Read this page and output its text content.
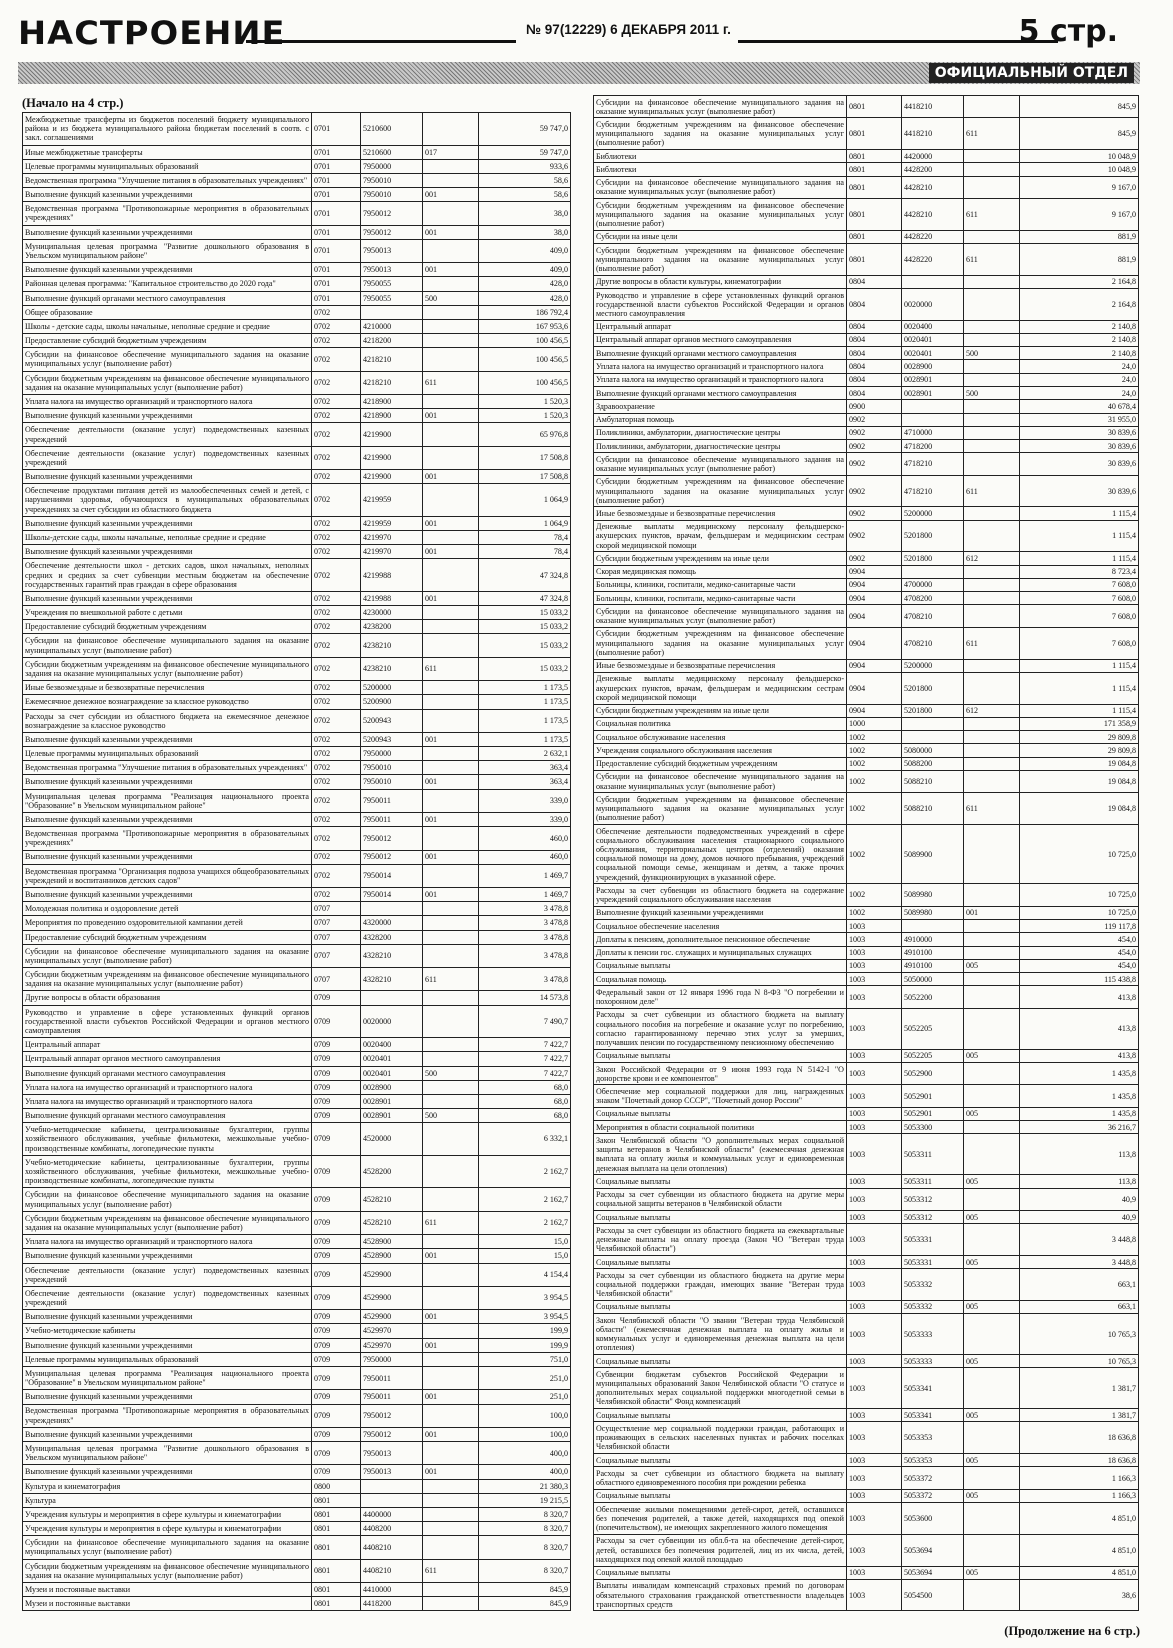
НАСТРОЕНИЕ	№ 97(12229) 6 ДЕКАБРЯ 2011 г.	5 стр.
ОФИЦИАЛЬНЫЙ ОТДЕЛ
(Начало на 4 стр.)
Межбюджетные трансферты из бюджетов поселений бюджету муниципального района и из бюджета муниципального района бюджетам поселений в соотв. с закл. соглашениями	0701	5210600		59 747,0
Иные межбюджетные трансферты	0701	5210600	017	59 747,0
Целевые программы муниципальных образований	0701	7950000		933,6
Ведомственная программа "Улучшение питания в образовательных учреждениях"	0701	7950010		58,6
Выполнение функций казенными учреждениями	0701	7950010	001	58,6
Ведомственная программа "Противопожарные мероприятия в образовательных учреждениях"	0701	7950012		38,0
Выполнение функций казенными учреждениями	0701	7950012	001	38,0
Муниципальная целевая программа "Развитие дошкольного образования в Увельском муниципальном районе"	0701	7950013		409,0
Выполнение функций казенными учреждениями	0701	7950013	001	409,0
Районная целевая программа: "Капитальное строительство до 2020 года"	0701	7950055		428,0
Выполнение функций органами местного самоуправления	0701	7950055	500	428,0
Общее образование	0702			186 792,4
Школы - детские сады, школы начальные, неполные средние и средние	0702	4210000		167 953,6
Предоставление субсидий бюджетным учреждениям	0702	4218200		100 456,5
Субсидии на финансовое обеспечение муниципального задания на оказание муниципальных услуг (выполнение работ)	0702	4218210		100 456,5
Субсидии бюджетным учреждениям на финансовое обеспечение муниципального задания на оказание муниципальных услуг (выполнение работ)	0702	4218210	611	100 456,5
Уплата налога на имущество организаций и транспортного налога	0702	4218900		1 520,3
Выполнение функций казенными учреждениями	0702	4218900	001	1 520,3
Обеспечение деятельности (оказание услуг) подведомственных казенных учреждений	0702	4219900		65 976,8
Обеспечение деятельности (оказание услуг) подведомственных казенных учреждений	0702	4219900		17 508,8
Выполнение функций казенными учреждениями	0702	4219900	001	17 508,8
Обеспечение продуктами питания детей из малообеспеченных семей и детей, с нарушениями здоровья, обучающихся в муниципальных образовательных учреждениях за счет субсидии из областного бюджета	0702	4219959		1 064,9
Выполнение функций казенными учреждениями	0702	4219959	001	1 064,9
Школы-детские сады, школы начальные, неполные средние и средние	0702	4219970		78,4
Выполнение функций казенными учреждениями	0702	4219970	001	78,4
Обеспечение деятельности школ - детских садов, школ начальных, неполных средних и средних за счет субвенции местным бюджетам на обеспечение государственных гарантий прав граждан в сфере образования	0702	4219988		47 324,8
Выполнение функций казенными учреждениями	0702	4219988	001	47 324,8
Учреждения по внешкольной работе с детьми	0702	4230000		15 033,2
Предоставление субсидий бюджетным учреждениям	0702	4238200		15 033,2
Субсидии на финансовое обеспечение муниципального задания на оказание муниципальных услуг (выполнение работ)	0702	4238210		15 033,2
Субсидии бюджетным учреждениям на финансовое обеспечение муниципального задания на оказание муниципальных услуг (выполнение работ)	0702	4238210	611	15 033,2
Иные безвозмездные и безвозвратные перечисления	0702	5200000		1 173,5
Ежемесячное денежное вознаграждение за классное руководство	0702	5200900		1 173,5
Расходы за счет субсидии из областного бюджета на ежемесячное денежное вознаграждение за классное руководство	0702	5200943		1 173,5
Выполнение функций казенными учреждениями	0702	5200943	001	1 173,5
Целевые программы муниципальных образований	0702	7950000		2 632,1
Ведомственная программа "Улучшение питания в образовательных учреждениях"	0702	7950010		363,4
Выполнение функций казенными учреждениями	0702	7950010	001	363,4
Муниципальная целевая программа "Реализация национального проекта "Образование" в Увельском муниципальном районе"	0702	7950011		339,0
Выполнение функций казенными учреждениями	0702	7950011	001	339,0
Ведомственная программа "Противопожарные мероприятия в образовательных учреждениях"	0702	7950012		460,0
Выполнение функций казенными учреждениями	0702	7950012	001	460,0
Ведомственная программа "Организация подвоза учащихся общеобразовательных учреждений и воспитанников детских садов"	0702	7950014		1 469,7
Выполнение функций казенными учреждениями	0702	7950014	001	1 469,7
Молодежная политика и оздоровление детей	0707			3 478,8
Мероприятия по проведению оздоровительной кампании детей	0707	4320000		3 478,8
Предоставление субсидий бюджетным учреждениям	0707	4328200		3 478,8
Субсидии на финансовое обеспечение муниципального задания на оказание муниципальных услуг (выполнение работ)	0707	4328210		3 478,8
Субсидии бюджетным учреждениям на финансовое обеспечение муниципального задания на оказание муниципальных услуг (выполнение работ)	0707	4328210	611	3 478,8
Другие вопросы в области образования	0709			14 573,8
Руководство и управление в сфере установленных функций органов государственной власти субъектов Российской Федерации и органов местного самоуправления	0709	0020000		7 490,7
Центральный аппарат	0709	0020400		7 422,7
Центральный аппарат органов местного самоуправления	0709	0020401		7 422,7
Выполнение функций органами местного самоуправления	0709	0020401	500	7 422,7
Уплата налога на имущество организаций и транспортного налога	0709	0028900		68,0
Уплата налога на имущество организаций и транспортного налога	0709	0028901		68,0
Выполнение функций органами местного самоуправления	0709	0028901	500	68,0
Учебно-методические кабинеты, централизованные бухгалтерии, группы хозяйственного обслуживания, учебные фильмотеки, межшкольные учебно-производственные комбинаты, логопедические пункты	0709	4520000		6 332,1
Учебно-методические кабинеты, централизованные бухгалтерии, группы хозяйственного обслуживания, учебные фильмотеки, межшкольные учебно-производственные комбинаты, логопедические пункты	0709	4528200		2 162,7
Субсидии на финансовое обеспечение муниципального задания на оказание муниципальных услуг (выполнение работ)	0709	4528210		2 162,7
Субсидии бюджетным учреждениям на финансовое обеспечение муниципального задания на оказание муниципальных услуг (выполнение работ)	0709	4528210	611	2 162,7
Уплата налога на имущество организаций и транспортного налога	0709	4528900		15,0
Выполнение функций казенными учреждениями	0709	4528900	001	15,0
Обеспечение деятельности (оказание услуг) подведомственных казенных учреждений	0709	4529900		4 154,4
Обеспечение деятельности (оказание услуг) подведомственных казенных учреждений	0709	4529900		3 954,5
Выполнение функций казенными учреждениями	0709	4529900	001	3 954,5
Учебно-методические кабинеты	0709	4529970		199,9
Выполнение функций казенными учреждениями	0709	4529970	001	199,9
Целевые программы муниципальных образований	0709	7950000		751,0
Муниципальная целевая программа "Реализация национального проекта "Образование" в Увельском муниципальном районе"	0709	7950011		251,0
Выполнение функций казенными учреждениями	0709	7950011	001	251,0
Ведомственная программа "Противопожарные мероприятия в образовательных учреждениях"	0709	7950012		100,0
Выполнение функций казенными учреждениями	0709	7950012	001	100,0
Муниципальная целевая программа "Развитие дошкольного образования в Увельском муниципальном районе"	0709	7950013		400,0
Выполнение функций казенными учреждениями	0709	7950013	001	400,0
Культура и кинематография	0800			21 380,3
Культура	0801			19 215,5
Учреждения культуры и мероприятия в сфере культуры и кинематографии	0801	4400000		8 320,7
Учреждения культуры и мероприятия в сфере культуры и кинематографии	0801	4408200		8 320,7
Субсидии на финансовое обеспечение муниципального задания на оказание муниципальных услуг (выполнение работ)	0801	4408210		8 320,7
Субсидии бюджетным учреждениям на финансовое обеспечение муниципального задания на оказание муниципальных услуг (выполнение работ)	0801	4408210	611	8 320,7
Музеи и постоянные выставки	0801	4410000		845,9
Музеи и постоянные выставки	0801	4418200		845,9
Субсидии на финансовое обеспечение муниципального задания на оказание муниципальных услуг (выполнение работ)	0801	4418210		845,9
Субсидии бюджетным учреждениям на финансовое обеспечение муниципального задания на оказание муниципальных услуг (выполнение работ)	0801	4418210	611	845,9
Библиотеки	0801	4420000		10 048,9
Библиотеки	0801	4428200		10 048,9
Субсидии на финансовое обеспечение муниципального задания на оказание муниципальных услуг (выполнение работ)	0801	4428210		9 167,0
Субсидии бюджетным учреждениям на финансовое обеспечение муниципального задания на оказание муниципальных услуг (выполнение работ)	0801	4428210	611	9 167,0
Субсидии на иные цели	0801	4428220		881,9
Субсидии бюджетным учреждениям на финансовое обеспечение муниципального задания на оказание муниципальных услуг (выполнение работ)	0801	4428220	611	881,9
Другие вопросы в области культуры, кинематографии	0804			2 164,8
Руководство и управление в сфере установленных функций органов государственной власти субъектов Российской Федерации и органов местного самоуправления	0804	0020000		2 164,8
Центральный аппарат	0804	0020400		2 140,8
Центральный аппарат органов местного самоуправления	0804	0020401		2 140,8
Выполнение функций органами местного самоуправления	0804	0020401	500	2 140,8
Уплата налога на имущество организаций и транспортного налога	0804	0028900		24,0
Уплата налога на имущество организаций и транспортного налога	0804	0028901		24,0
Выполнение функций органами местного самоуправления	0804	0028901	500	24,0
Здравоохранение	0900			40 678,4
Амбулаторная помощь	0902			31 955,0
Поликлиники, амбулатории, диагностические центры	0902	4710000		30 839,6
Поликлиники, амбулатории, диагностические центры	0902	4718200		30 839,6
Субсидии на финансовое обеспечение муниципального задания на оказание муниципальных услуг (выполнение работ)	0902	4718210		30 839,6
Субсидии бюджетным учреждениям на финансовое обеспечение муниципального задания на оказание муниципальных услуг (выполнение работ)	0902	4718210	611	30 839,6
Иные безвозмездные и безвозвратные перечисления	0902	5200000		1 115,4
Денежные выплаты медицинскому персоналу фельдшерско-акушерских пунктов, врачам, фельдшерам и медицинским сестрам скорой медицинской помощи	0902	5201800		1 115,4
Субсидии бюджетным учреждениям на иные цели	0902	5201800	612	1 115,4
Скорая медицинская помощь	0904			8 723,4
Больницы, клиники, госпитали, медико-санитарные части	0904	4700000		7 608,0
Больницы, клиники, госпитали, медико-санитарные части	0904	4708200		7 608,0
Субсидии на финансовое обеспечение муниципального задания на оказание муниципальных услуг (выполнение работ)	0904	4708210		7 608,0
Субсидии бюджетным учреждениям на финансовое обеспечение муниципального задания на оказание муниципальных услуг (выполнение работ)	0904	4708210	611	7 608,0
Иные безвозмездные и безвозвратные перечисления	0904	5200000		1 115,4
Денежные выплаты медицинскому персоналу фельдшерско-акушерских пунктов, врачам, фельдшерам и медицинским сестрам скорой медицинской помощи	0904	5201800		1 115,4
Субсидии бюджетным учреждениям на иные цели	0904	5201800	612	1 115,4
Социальная политика	1000			171 358,9
Социальное обслуживание населения	1002			29 809,8
Учреждения социального обслуживания населения	1002	5080000		29 809,8
Предоставление субсидий бюджетным учреждениям	1002	5088200		19 084,8
Субсидии на финансовое обеспечение муниципального задания на оказание муниципальных услуг (выполнение работ)	1002	5088210		19 084,8
Субсидии бюджетным учреждениям на финансовое обеспечение муниципального задания на оказание муниципальных услуг (выполнение работ)	1002	5088210	611	19 084,8
Обеспечение деятельности подведомственных учреждений в сфере социального обслуживания населения стационарного социального обслуживания, территориальных центров (отделений) оказания социальной помощи на дому, домов ночного пребывания, учреждений социальной помощи семье, женщинам и детям, а также прочих учреждений, функционирующих в указанной сфере.	1002	5089900		10 725,0
Расходы за счет субвенции из областного бюджета на содержание учреждений социального обслуживания населения	1002	5089980		10 725,0
Выполнение функций казенными учреждениями	1002	5089980	001	10 725,0
Социальное обеспечение населения	1003			119 117,8
Доплаты к пенсиям, дополнительное пенсионное обеспечение	1003	4910000		454,0
Доплаты к пенсии гос. служащих и муниципальных служащих	1003	4910100		454,0
Социальные выплаты	1003	4910100	005	454,0
Социальная помощь	1003	5050000		115 438,8
Федеральный закон от 12 января 1996 года N 8-ФЗ "О погребении и похоронном деле"	1003	5052200		413,8
Расходы за счет субвенции из областного бюджета на выплату социального пособия на погребение и оказание услуг по погребению, согласно гарантированному перечню этих услуг за умерших, получавших пенсии по государственному пенсионному обеспечению	1003	5052205		413,8
Социальные выплаты	1003	5052205	005	413,8
Закон Российской Федерации от 9 июня 1993 года N 5142-I "О донорстве крови и ее компонентов"	1003	5052900		1 435,8
Обеспечение мер социальной поддержки для лиц, награжденных знаком "Почетный донор СССР", "Почетный донор России"	1003	5052901		1 435,8
Социальные выплаты	1003	5052901	005	1 435,8
Мероприятия в области социальной политики	1003	5053300		36 216,7
Закон Челябинской области "О дополнительных мерах социальной защиты ветеранов в Челябинской области" (ежемесячная денежная выплата на оплату жилья и коммунальных услуг и единовременная денежная выплата на цели отопления)	1003	5053311		113,8
Социальные выплаты	1003	5053311	005	113,8
Расходы за счет субвенции из областного бюджета на другие меры социальной защиты ветеранов в Челябинской области	1003	5053312		40,9
Социальные выплаты	1003	5053312	005	40,9
Расходы за счет субвенции из областного бюджета на ежеквартальные денежные выплаты на оплату проезда (Закон ЧО "Ветеран труда Челябинской области")	1003	5053331		3 448,8
Социальные выплаты	1003	5053331	005	3 448,8
Расходы за счет субвенции из областного бюджета на другие меры социальной поддержки граждан, имеющих звание "Ветеран труда Челябинской области"	1003	5053332		663,1
Социальные выплаты	1003	5053332	005	663,1
Закон Челябинской области "О звании "Ветеран труда Челябинской области" (ежемесячная денежная выплата на оплату жилья и коммунальных услуг и единовременная денежная выплата на цели отопления)	1003	5053333		10 765,3
Социальные выплаты	1003	5053333	005	10 765,3
Субвенции бюджетам субъектов Российской Федерации и муниципальных образований Закон Челябинской области "О статусе и дополнительных мерах социальной поддержки многодетной семьи в Челябинской области" Фонд компенсаций	1003	5053341		1 381,7
Социальные выплаты	1003	5053341	005	1 381,7
Осуществление мер социальной поддержки граждан, работающих и проживающих в сельских населенных пунктах и рабочих поселках Челябинской области	1003	5053353		18 636,8
Социальные выплаты	1003	5053353	005	18 636,8
Расходы за счет субвенции из областного бюджета на выплату областного единовременного пособия при рождении ребенка	1003	5053372		1 166,3
Социальные выплаты	1003	5053372	005	1 166,3
Обеспечение жилыми помещениями детей-сирот, детей, оставшихся без попечения родителей, а также детей, находящихся под опекой (попечительством), не имеющих закрепленного жилого помещения	1003	5053600		4 851,0
Расходы за счет субвенции из обл.б-та на обеспечение детей-сирот, детей, оставшихся без попечения родителей, лиц из их числа, детей, находящихся под опекой жилой площадью	1003	5053694		4 851,0
Социальные выплаты	1003	5053694	005	4 851,0
Выплаты инвалидам компенсаций страховых премий по договорам обязательного страхования гражданской ответственности владельцев транспортных средств	1003	5054500		38,6
(Продолжение на 6 стр.)
